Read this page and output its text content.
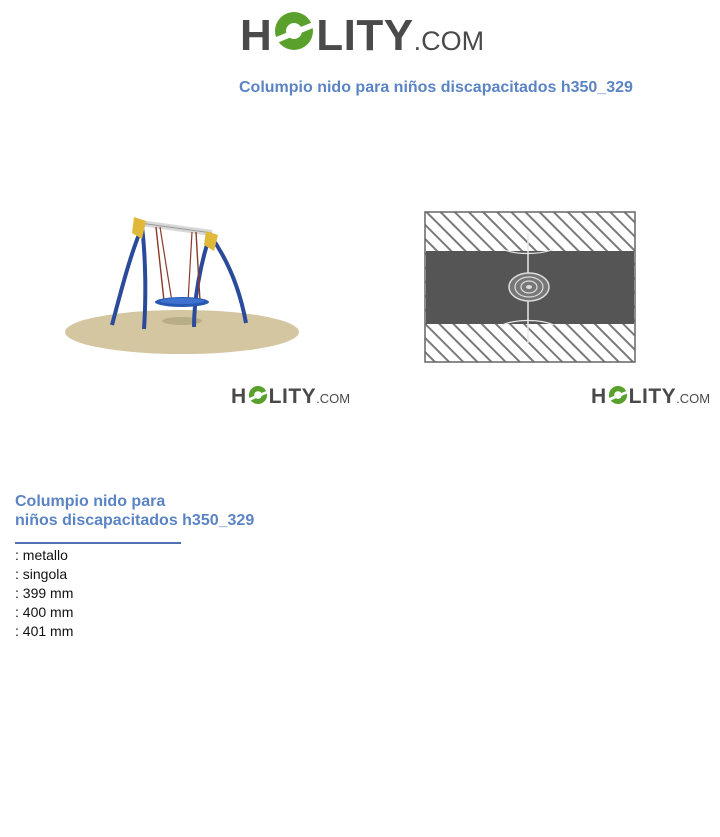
H LITY .COM
Columpio nido para niños discapacitados h350_329
H LITY .COM	H LITY .COM
Columpio nido para
niños discapacitados h350_329
: metallo
: singola
: 399 mm
: 400 mm
: 401 mm
